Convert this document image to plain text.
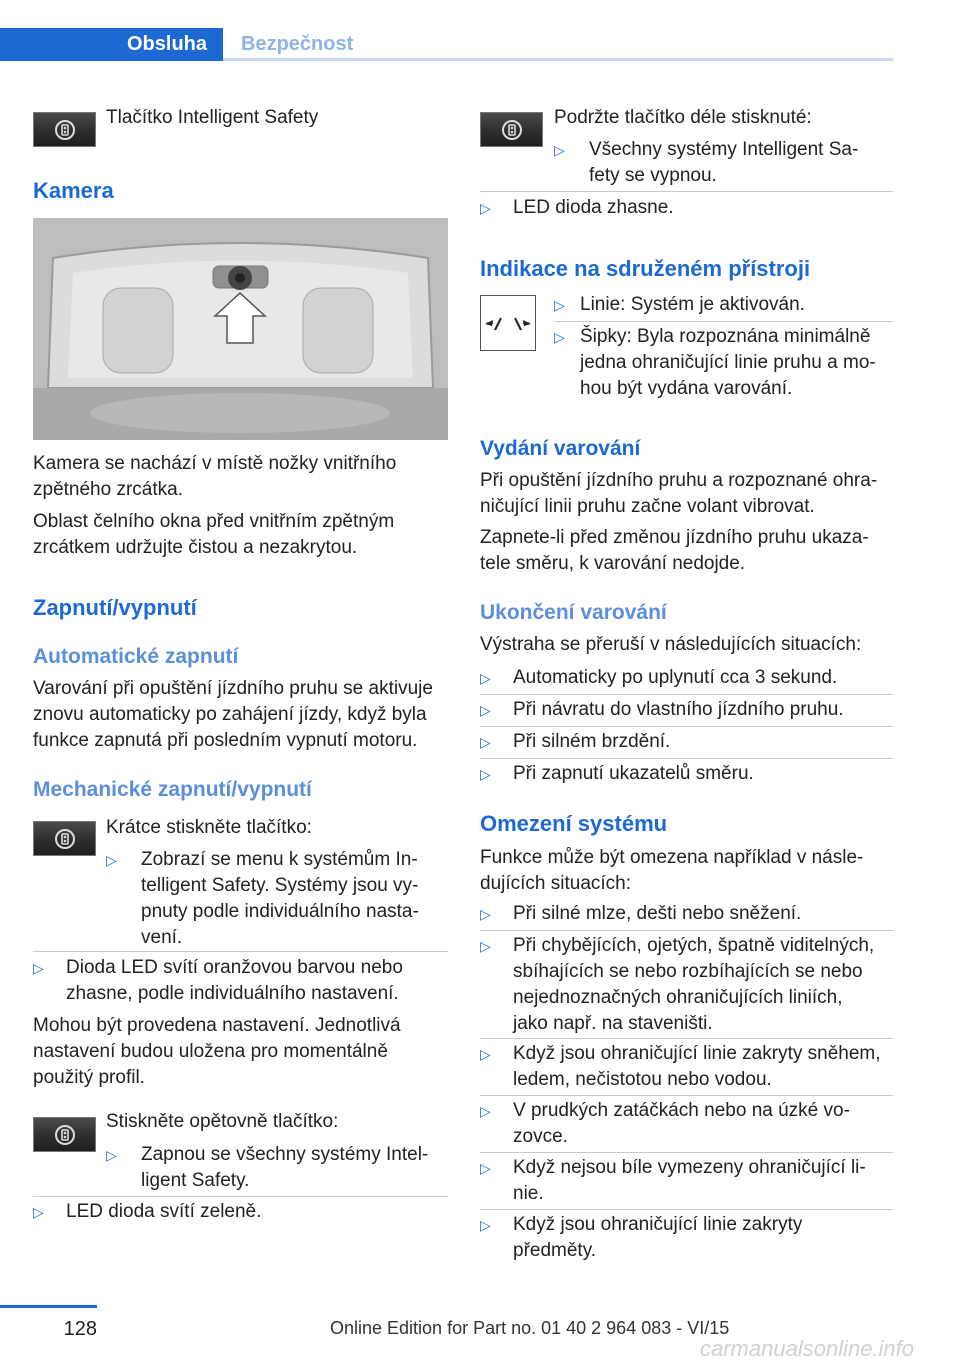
Obsluha	Bezpečnost
Tlačítko Intelligent Safety
Kamera
Kamera se nachází v místě nožky vnitřního
zpětného zrcátka.
Oblast čelního okna před vnitřním zpětným
zrcátkem udržujte čistou a nezakrytou.
Zapnutí/vypnutí
Automatické zapnutí
Varování při opuštění jízdního pruhu se aktivuje
znovu automaticky po zahájení jízdy, když byla
funkce zapnutá při posledním vypnutí motoru.
Mechanické zapnutí/vypnutí
Krátce stiskněte tlačítko:
▷ Zobrazí se menu k systémům In-
telligent Safety. Systémy jsou vy-
pnuty podle individuálního nasta-
vení.
▷ Dioda LED svítí oranžovou barvou nebo
zhasne, podle individuálního nastavení.
Mohou být provedena nastavení. Jednotlivá
nastavení budou uložena pro momentálně
použitý profil.
Stiskněte opětovně tlačítko:
▷ Zapnou se všechny systémy Intel-
ligent Safety.
▷ LED dioda svítí zeleně.
Podržte tlačítko déle stisknuté:
▷ Všechny systémy Intelligent Sa-
fety se vypnou.
▷ LED dioda zhasne.
Indikace na sdruženém přístroji
▷ Linie: Systém je aktivován.
▷ Šipky: Byla rozpoznána minimálně
jedna ohraničující linie pruhu a mo-
hou být vydána varování.
Vydání varování
Při opuštění jízdního pruhu a rozpoznané ohra-
ničující linii pruhu začne volant vibrovat.
Zapnete-li před změnou jízdního pruhu ukaza-
tele směru, k varování nedojde.
Ukončení varování
Výstraha se přeruší v následujících situacích:
▷ Automaticky po uplynutí cca 3 sekund.
▷ Při návratu do vlastního jízdního pruhu.
▷ Při silném brzdění.
▷ Při zapnutí ukazatelů směru.
Omezení systému
Funkce může být omezena například v násle-
dujících situacích:
▷ Při silné mlze, dešti nebo sněžení.
▷ Při chybějících, ojetých, špatně viditelných,
sbíhajících se nebo rozbíhajících se nebo
nejednoznačných ohraničujících liniích,
jako např. na staveništi.
▷ Když jsou ohraničující linie zakryty sněhem,
ledem, nečistotou nebo vodou.
▷ V prudkých zatáčkách nebo na úzké vo-
zovce.
▷ Když nejsou bíle vymezeny ohraničující li-
nie.
▷ Když jsou ohraničující linie zakryty
předměty.
128	Online Edition for Part no. 01 40 2 964 083 - VI/15
carmanualsonline.info
